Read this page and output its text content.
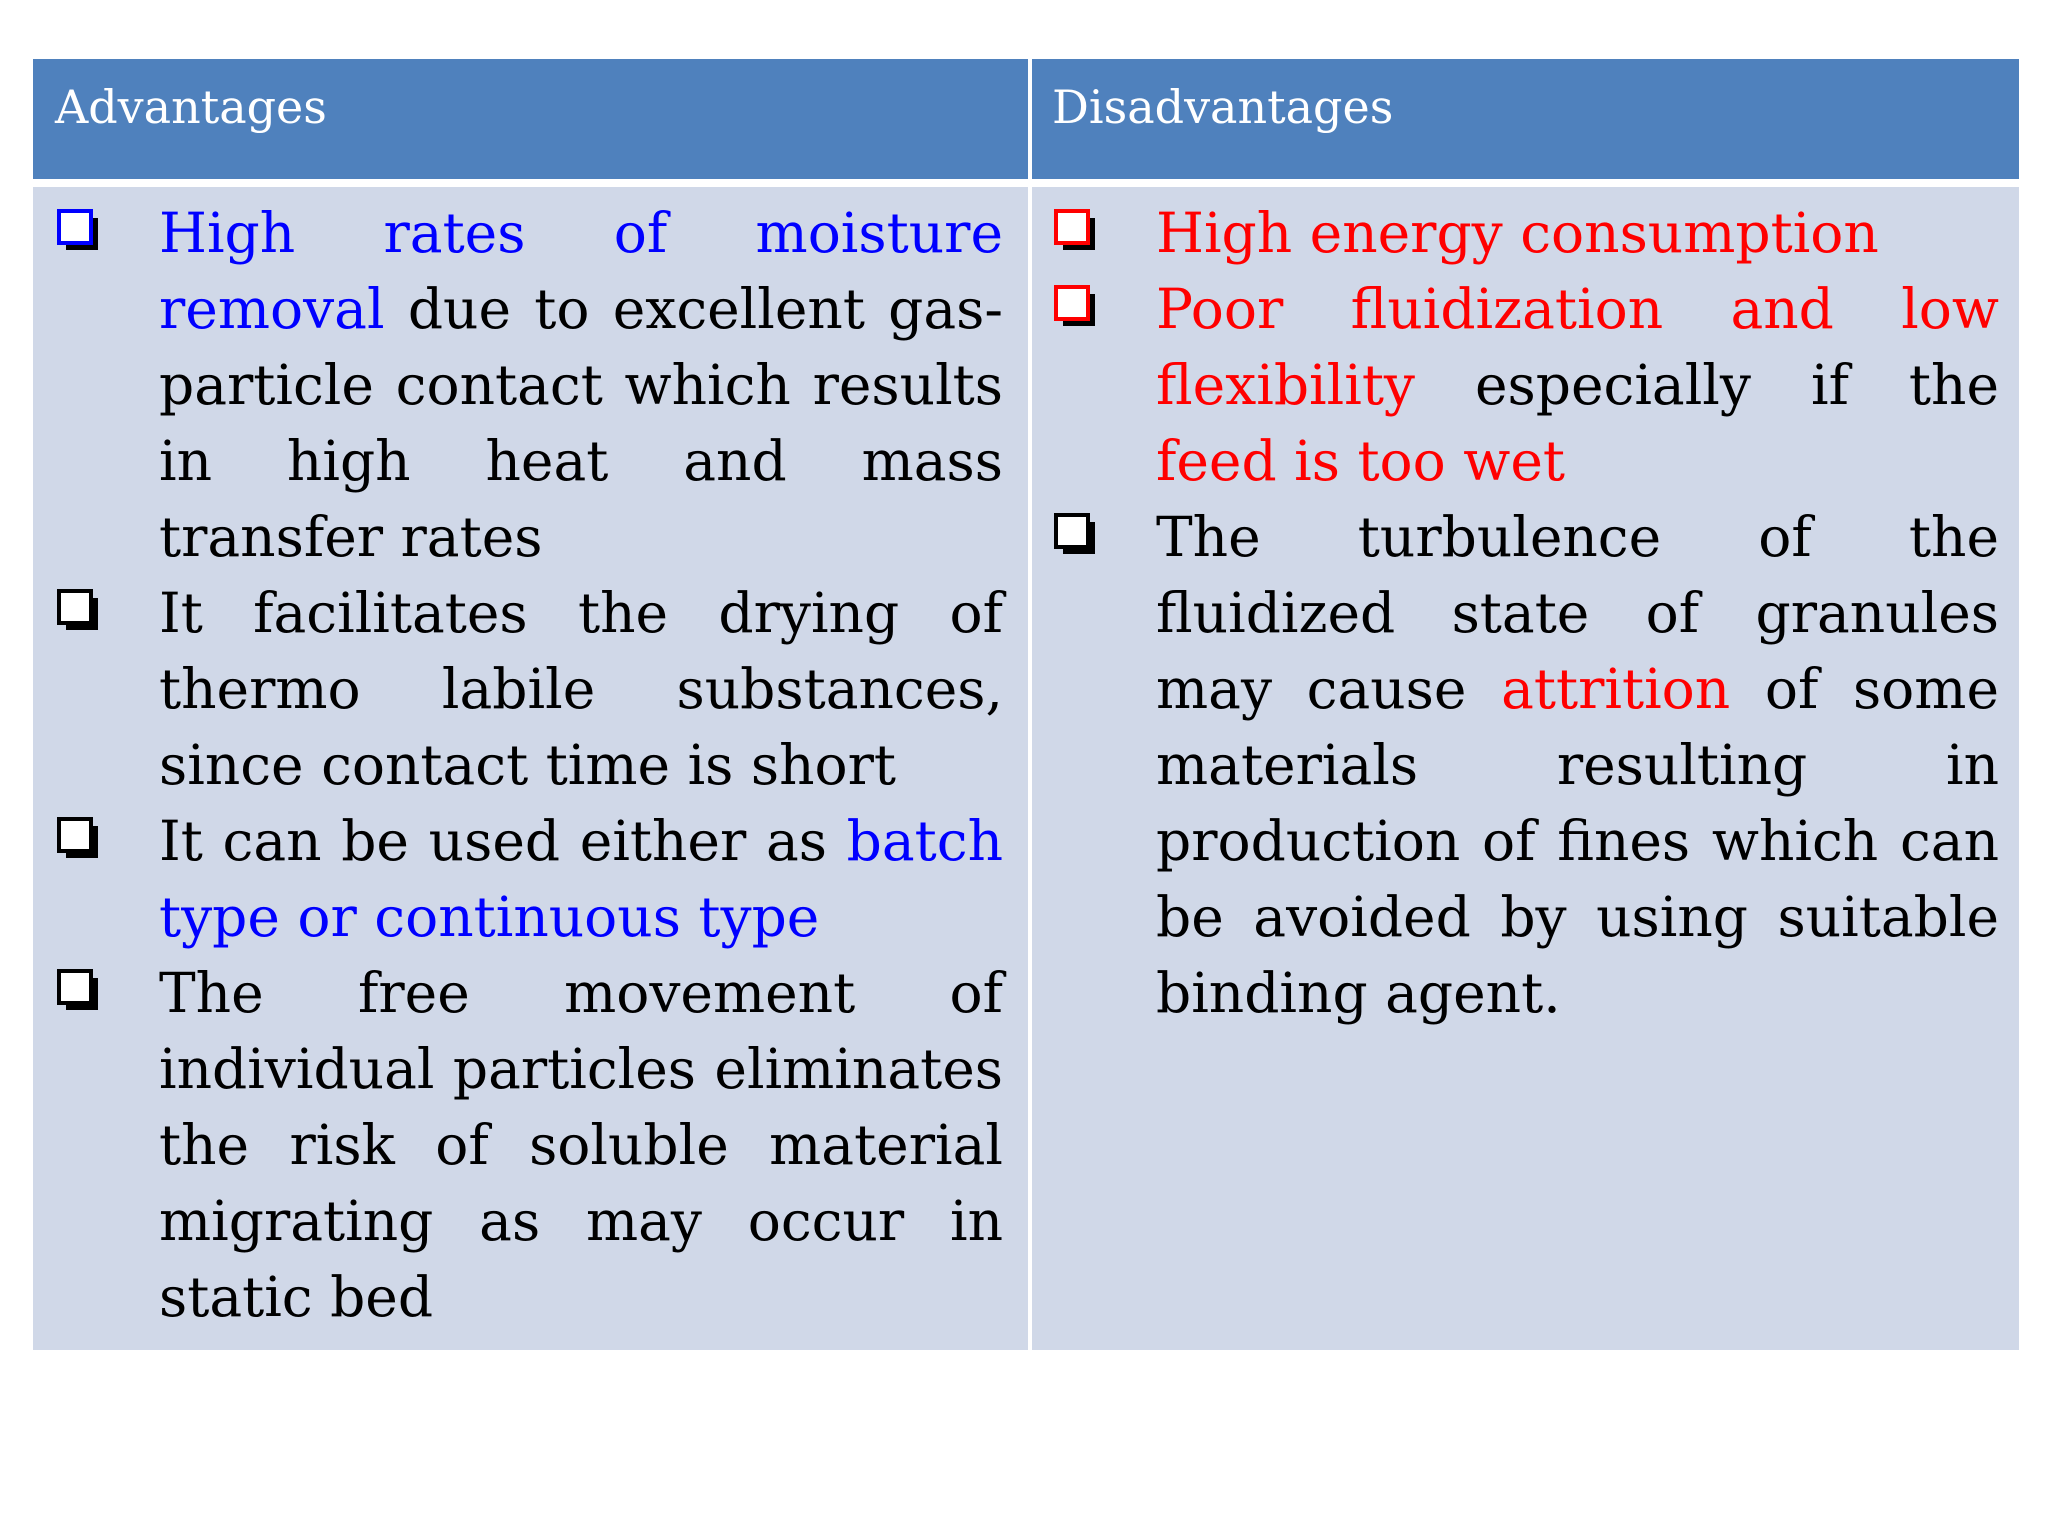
Advantages	Disadvantages
High rates of moisture removal due to excellent gas-particle contact which results in high heat and mass transfer rates
It facilitates the drying of thermo labile substances, since contact time is short
It can be used either as batch type or continuous type
The free movement of individual particles eliminates the risk of soluble material migrating as may occur in static bed
High energy consumption
Poor fluidization and low flexibility especially if the feed is too wet
The turbulence of the fluidized state of granules may cause attrition of some materials resulting in production of fines which can be avoided by using suitable binding agent.
